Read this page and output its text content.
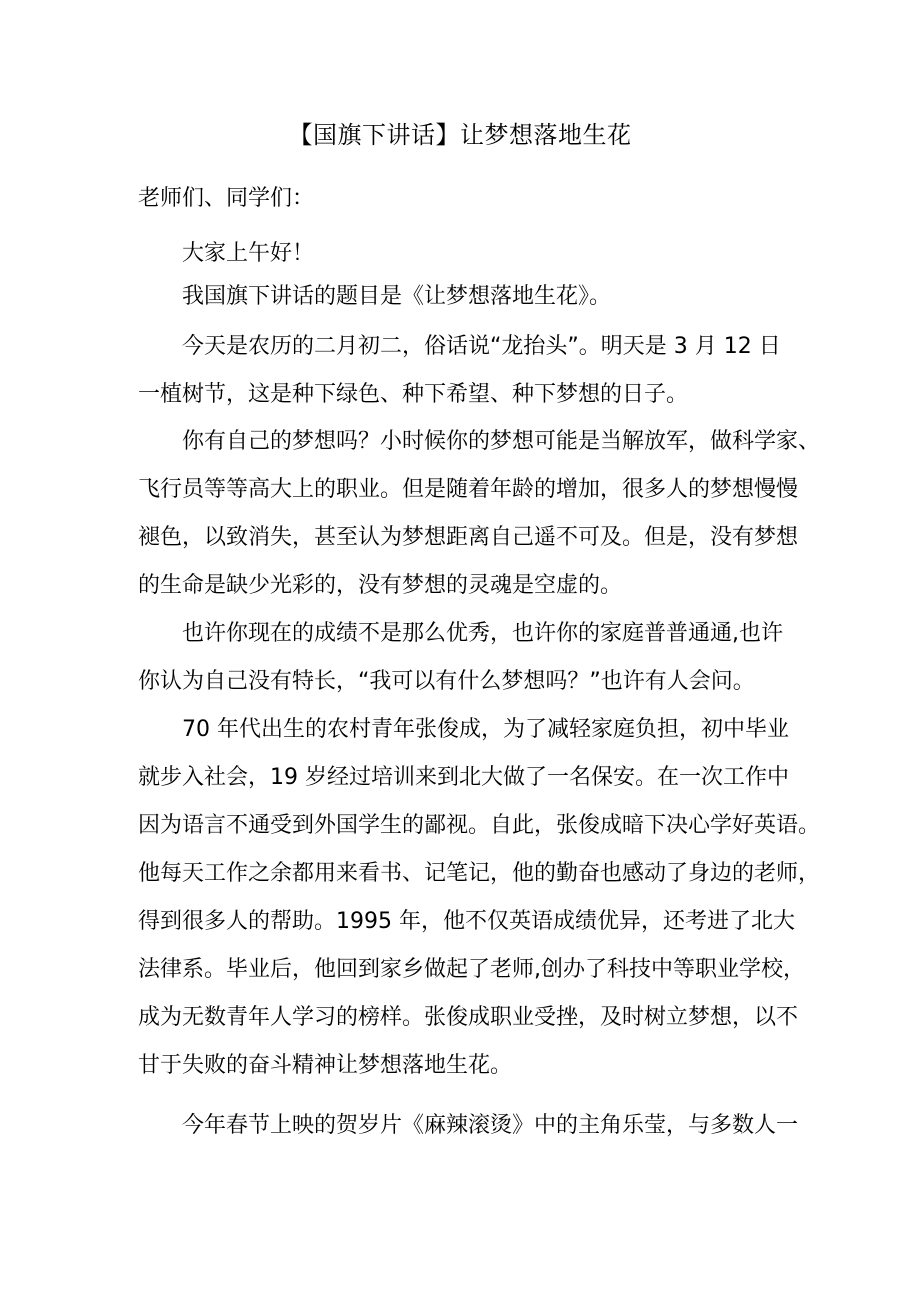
【国旗下讲话】让梦想落地生花
老师们、同学们：
大家上午好！
我国旗下讲话的题目是《让梦想落地生花》。
今天是农历的二月初二，俗话说“龙抬头”。明天是 3 月 12 日
一植树节，这是种下绿色、种下希望、种下梦想的日子。
你有自己的梦想吗？小时候你的梦想可能是当解放军，做科学家、
飞行员等等高大上的职业。但是随着年龄的增加，很多人的梦想慢慢
褪色，以致消失，甚至认为梦想距离自己遥不可及。但是，没有梦想
的生命是缺少光彩的，没有梦想的灵魂是空虚的。
也许你现在的成绩不是那么优秀，也许你的家庭普普通通,也许
你认为自己没有特长，“我可以有什么梦想吗？”也许有人会问。
70 年代出生的农村青年张俊成，为了减轻家庭负担，初中毕业
就步入社会，19 岁经过培训来到北大做了一名保安。在一次工作中
因为语言不通受到外国学生的鄙视。自此，张俊成暗下决心学好英语。
他每天工作之余都用来看书、记笔记，他的勤奋也感动了身边的老师，
得到很多人的帮助。1995 年，他不仅英语成绩优异，还考进了北大
法律系。毕业后，他回到家乡做起了老师,创办了科技中等职业学校，
成为无数青年人学习的榜样。张俊成职业受挫，及时树立梦想，以不
甘于失败的奋斗精神让梦想落地生花。
今年春节上映的贺岁片《麻辣滚烫》中的主角乐莹，与多数人一
